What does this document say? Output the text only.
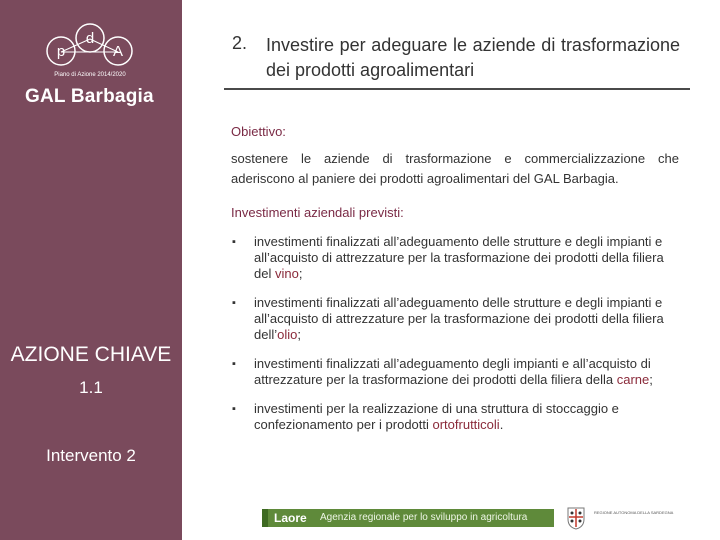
p
d
A
Piano di Azione 2014/2020
GAL Barbagia
AZIONE CHIAVE
1.1
Intervento 2
2. Investire per adeguare le aziende di trasformazione dei prodotti agroalimentari
Obiettivo:
sostenere le aziende di trasformazione e commercializzazione che aderiscono al paniere dei prodotti agroalimentari del GAL Barbagia.
Investimenti aziendali previsti:
▪ investimenti finalizzati all’adeguamento delle strutture e degli impianti e all’acquisto di attrezzature per la trasformazione dei prodotti della filiera del vino;
▪ investimenti finalizzati all’adeguamento delle strutture e degli impianti e all’acquisto di attrezzature per la trasformazione dei prodotti della filiera dell’olio;
▪ investimenti finalizzati all’adeguamento degli impianti e all’acquisto di attrezzature per la trasformazione dei prodotti della filiera della carne;
▪ investimenti per la realizzazione di una struttura di stoccaggio e confezionamento per i prodotti ortofrutticoli.
Laore Agenzia regionale per lo sviluppo in agricoltura	REGIONE AUTONOMA DELLA SARDEGNA
